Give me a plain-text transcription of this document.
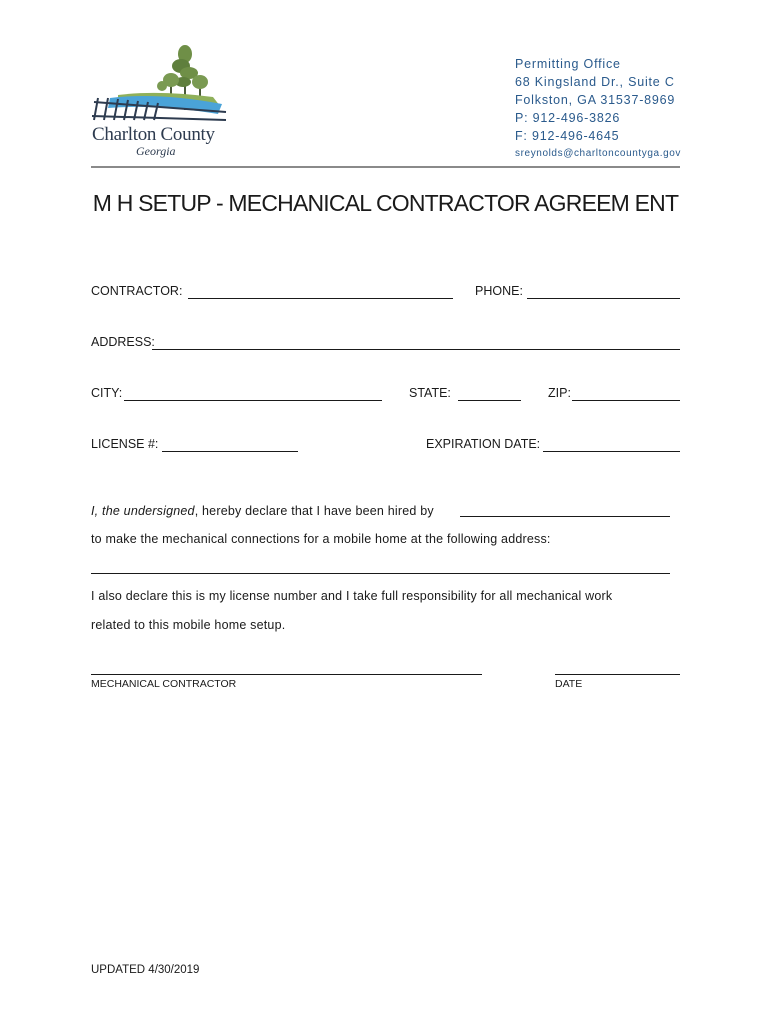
Charlton County
Georgia
Permitting Office
68 Kingsland Dr., Suite C
Folkston, GA 31537-8969
P: 912-496-3826
F: 912-496-4645
sreynolds@charltoncountyga.gov
M H SETUP - MECHANICAL CONTRACTOR AGREEM ENT
CONTRACTOR:	PHONE:
ADDRESS:
CITY:	STATE:	ZIP:
LICENSE #:	EXPIRATION DATE:
I, the undersigned, hereby declare that I have been hired by
to make the mechanical connections for a mobile home at the following address:
I also declare this is my license number and I take full responsibility for all mechanical work
related to this mobile home setup.
MECHANICAL CONTRACTOR	DATE
UPDATED 4/30/2019
